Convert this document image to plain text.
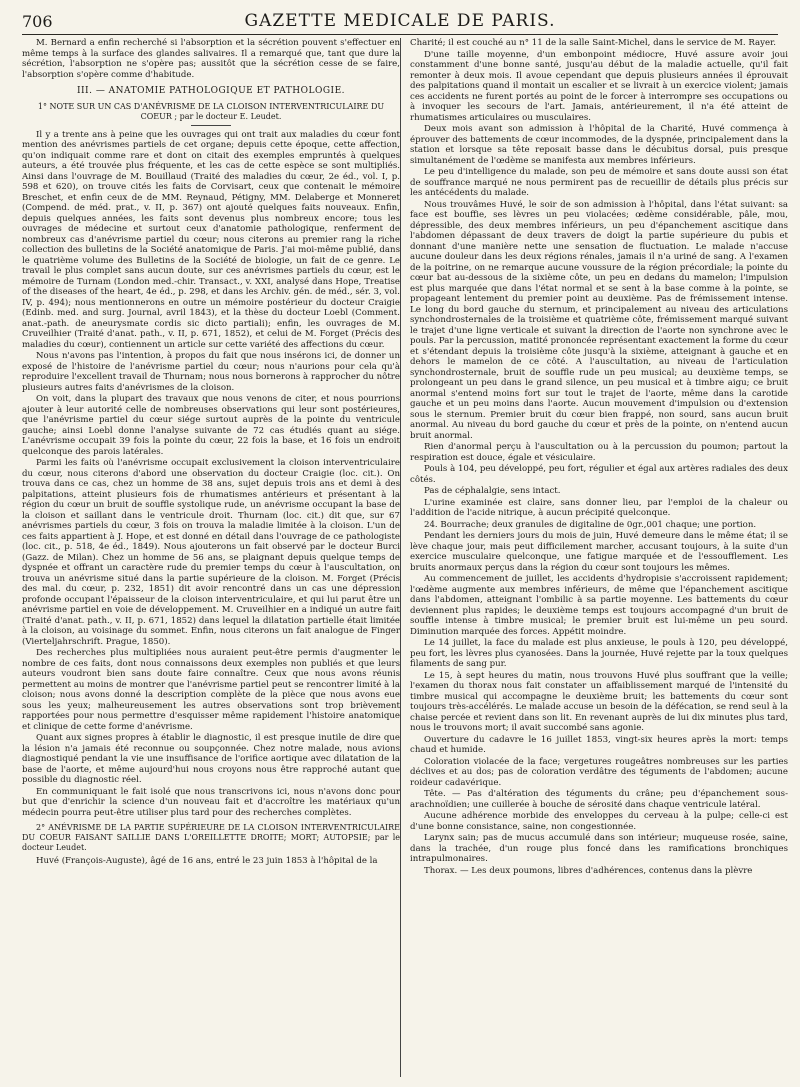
706	GAZETTE MEDICALE DE PARIS.

M. Bernard a enfin recherché si l'absorption et la sécrétion pouvent s'effectuer en même temps à la surface des glandes salivaires. Il a remarqué que, tant que dure la sécrétion, l'absorption ne s'opère pas; aussitôt que la sécrétion cesse de se faire, l'absorption s'opère comme d'habitude.

III. — ANATOMIE PATHOLOGIQUE ET PATHOLOGIE.
1° NOTE SUR UN CAS D'ANÉVRISME DE LA CLOISON INTERVENTRICULAIRE DU COEUR ; par le docteur E. Leudet.

Il y a trente ans à peine que les ouvrages qui ont trait aux maladies du cœur font mention des anévrismes partiels de cet organe; depuis cette époque, cette affection, qu'on indiquait comme rare et dont on citait des exemples empruntés à quelques auteurs, a été trouvée plus fréquente, et les cas de cette espèce se sont multipliés. Ainsi dans l'ouvrage de M. Bouillaud (Traité des maladies du cœur, 2e éd., vol. I, p. 598 et 620), on trouve cités les faits de Corvisart, ceux que contenait le mémoire Breschet, et enfin ceux de de MM. Reynaud, Pétigny, MM. Delaberge et Monneret (Compend. de méd. prat., v. II, p. 367) ont ajouté quelques faits nouveaux. Enfin, depuis quelques années, les faits sont devenus plus nombreux encore; tous les ouvrages de médecine et surtout ceux d'anatomie pathologique, renferment de nombreux cas d'anévrisme partiel du cœur; nous citerons au premier rang la riche collection des bulletins de la Société anatomique de Paris. J'ai moi-même publié, dans le quatrième volume des Bulletins de la Société de biologie, un fait de ce genre. Le travail le plus complet sans aucun doute, sur ces anévrismes partiels du cœur, est le mémoire de Turnam (London med.-chir. Transact., v. XXI, analysé dans Hope, Treatise of the diseases of the heart, 4e éd., p. 298, et dans les Archiv. gén. de méd., sér. 3, vol. IV, p. 494); nous mentionnerons en outre un mémoire postérieur du docteur Craigie (Edinb. med. and surg. Journal, avril 1843), et la thèse du docteur Loebl (Comment. anat.-path. de aneurysmate cordis sic dicto partiali); enfin, les ouvrages de M. Cruveilhier (Traité d'anat. path., v. II, p. 671, 1852), et celui de M. Forget (Précis des maladies du cœur), contiennent un article sur cette variété des affections du cœur.

Nous n'avons pas l'intention, à propos du fait que nous insérons ici, de donner un exposé de l'histoire de l'anévrisme partiel du cœur; nous n'aurions pour cela qu'à reproduire l'excellent travail de Thurnam; nous nous bornerons à rapprocher du nôtre plusieurs autres faits d'anévrismes de la cloison.

On voit, dans la plupart des travaux que nous venons de citer, et nous pourrions ajouter à leur autorité celle de nombreuses observations qui leur sont postérieures, que l'anévrisme partiel du cœur siége surtout auprès de la pointe du ventricule gauche; ainsi Loebl donne l'analyse suivante de 72 cas étudiés quant au siége. L'anévrisme occupait 39 fois la pointe du cœur, 22 fois la base, et 16 fois un endroit quelconque des parois latérales.

Parmi les faits où l'anévrisme occupait exclusivement la cloison interventriculaire du cœur, nous citerons d'abord une observation du docteur Craigie (loc. cit.). On trouva dans ce cas, chez un homme de 38 ans, sujet depuis trois ans et demi à des palpitations, atteint plusieurs fois de rhumatismes antérieurs et présentant à la région du cœur un bruit de souffle systolique rude, un anévrisme occupant la base de la cloison et saillant dans le ventricule droit. Thurnam (loc. cit.) dit que, sur 67 anévrismes partiels du cœur, 3 fois on trouva la maladie limitée à la cloison. L'un de ces faits appartient à J. Hope, et est donné en détail dans l'ouvrage de ce pathologiste (loc. cit., p. 518, 4e éd., 1849). Nous ajouterons un fait observé par le docteur Burci (Gazz. de Milan). Chez un homme de 56 ans, se plaignant depuis quelque temps de dyspnée et offrant un caractère rude du premier temps du cœur à l'auscultation, on trouva un anévrisme situé dans la partie supérieure de la cloison. M. Forget (Précis des mal. du cœur, p. 232, 1851) dit avoir rencontré dans un cas une dépression profonde occupant l'épaisseur de la cloison interventriculaire, et qui lui parut être un anévrisme partiel en voie de développement. M. Cruveilhier en a indiqué un autre fait (Traité d'anat. path., v. II, p. 671, 1852) dans lequel la dilatation partielle était limitée à la cloison, au voisinage du sommet. Enfin, nous citerons un fait analogue de Finger (Vierteljahrschrift. Prague, 1850).

Des recherches plus multipliées nous auraient peut-être permis d'augmenter le nombre de ces faits, dont nous connaissons deux exemples non publiés et que leurs auteurs voudront bien sans doute faire connaître. Ceux que nous avons réunis permettent au moins de montrer que l'anévrisme partiel peut se rencontrer limité à la cloison; nous avons donné la description complète de la pièce que nous avons eue sous les yeux; malheureusement les autres observations sont trop brièvement rapportées pour nous permettre d'esquisser même rapidement l'histoire anatomique et clinique de cette forme d'anévrisme.

Quant aux signes propres à établir le diagnostic, il est presque inutile de dire que la lésion n'a jamais été reconnue ou soupçonnée. Chez notre malade, nous avions diagnostiqué pendant la vie une insuffisance de l'orifice aortique avec dilatation de la base de l'aorte, et même aujourd'hui nous croyons nous être rapproché autant que possible du diagnostic réel.

En communiquant le fait isolé que nous transcrivons ici, nous n'avons donc pour but que d'enrichir la science d'un nouveau fait et d'accroître les matériaux qu'un médecin pourra peut-être utiliser plus tard pour des recherches complètes.

2° ANÉVRISME DE LA PARTIE SUPÉRIEURE DE LA CLOISON INTERVENTRICULAIRE DU COEUR FAISANT SAILLIE DANS L'OREILLETTE DROITE; MORT; AUTOPSIE; par le docteur Leudet.

Huvé (François-Auguste), âgé de 16 ans, entré le 23 juin 1853 à l'hôpital de la

Charité; il est couché au n° 11 de la salle Saint-Michel, dans le service de M. Rayer.

D'une taille moyenne, d'un embonpoint médiocre, Huvé assure avoir joui constamment d'une bonne santé, jusqu'au début de la maladie actuelle, qu'il fait remonter à deux mois. Il avoue cependant que depuis plusieurs années il éprouvait des palpitations quand il montait un escalier et se livrait à un exercice violent; jamais ces accidents ne furent portés au point de le forcer à interrompre ses occupations ou à invoquer les secours de l'art. Jamais, antérieurement, il n'a été atteint de rhumatismes articulaires ou musculaires.

Deux mois avant son admission à l'hôpital de la Charité, Huvé commença à éprouver des battements de cœur incommodes, de la dyspnée, principalement dans la station et lorsque sa tête reposait basse dans le décubitus dorsal, puis presque simultanément de l'œdème se manifesta aux membres inférieurs.

Le peu d'intelligence du malade, son peu de mémoire et sans doute aussi son état de souffrance marqué ne nous permirent pas de recueillir de détails plus précis sur les antécédents du malade.

Nous trouvâmes Huvé, le soir de son admission à l'hôpital, dans l'état suivant: sa face est bouffie, ses lèvres un peu violacées; œdème considérable, pâle, mou, dépressible, des deux membres inférieurs, un peu d'épanchement ascitique dans l'abdomen dépassant de deux travers de doigt la partie supérieure du pubis et donnant d'une manière nette une sensation de fluctuation. Le malade n'accuse aucune douleur dans les deux régions rénales, jamais il n'a uriné de sang. A l'examen de la poitrine, on ne remarque aucune voussure de la région précordiale; la pointe du cœur bat au-dessous de la sixième côte, un peu en dedans du mamelon; l'impulsion est plus marquée que dans l'état normal et se sent à la base comme à la pointe, se propageant lentement du premier point au deuxième. Pas de frémissement intense. Le long du bord gauche du sternum, et principalement au niveau des articulations synchondrosternales de la troisième et quatrième côte, frémissement marqué suivant le trajet d'une ligne verticale et suivant la direction de l'aorte non synchrone avec le pouls. Par la percussion, matité prononcée représentant exactement la forme du cœur et s'étendant depuis la troisième côte jusqu'à la sixième, atteignant à gauche et en dehors le mamelon de ce côté. A l'auscultation, au niveau de l'articulation synchondrosternale, bruit de souffle rude un peu musical; au deuxième temps, se prolongeant un peu dans le grand silence, un peu musical et à timbre aigu; ce bruit anormal s'entend moins fort sur tout le trajet de l'aorte, même dans la carotide gauche et un peu moins dans l'aorte. Aucun mouvement d'impulsion ou d'extension sous le sternum. Premier bruit du cœur bien frappé, non sourd, sans aucun bruit anormal. Au niveau du bord gauche du cœur et près de la pointe, on n'entend aucun bruit anormal.

Rien d'anormal perçu à l'auscultation ou à la percussion du poumon; partout la respiration est douce, égale et vésiculaire.

Pouls à 104, peu développé, peu fort, régulier et égal aux artères radiales des deux côtés.

Pas de céphalalgie, sens intact.

L'urine examinée est claire, sans donner lieu, par l'emploi de la chaleur ou l'addition de l'acide nitrique, à aucun précipité quelconque.

24. Bourrache; deux granules de digitaline de 0gr.,001 chaque; une portion.

Pendant les derniers jours du mois de juin, Huvé demeure dans le même état; il se lève chaque jour, mais peut difficilement marcher, accusant toujours, à la suite d'un exercice musculaire quelconque, une fatigue marquée et de l'essoufflement. Les bruits anormaux perçus dans la région du cœur sont toujours les mêmes.

Au commencement de juillet, les accidents d'hydropisie s'accroissent rapidement; l'œdème augmente aux membres inférieurs, de même que l'épanchement ascitique dans l'abdomen, atteignant l'ombilic à sa partie moyenne. Les battements du cœur deviennent plus rapides; le deuxième temps est toujours accompagné d'un bruit de souffle intense à timbre musical; le premier bruit est lui-même un peu sourd. Diminution marquée des forces. Appétit moindre.

Le 14 juillet, la face du malade est plus anxieuse, le pouls à 120, peu développé, peu fort, les lèvres plus cyanosées. Dans la journée, Huvé rejette par la toux quelques filaments de sang pur.

Le 15, à sept heures du matin, nous trouvons Huvé plus souffrant que la veille; l'examen du thorax nous fait constater un affaiblissement marqué de l'intensité du timbre musical qui accompagne le deuxième bruit; les battements du cœur sont toujours très-accélérés. Le malade accuse un besoin de la défécation, se rend seul à la chaise percée et revient dans son lit. En revenant auprès de lui dix minutes plus tard, nous le trouvons mort; il avait succombé sans agonie.

Ouverture du cadavre le 16 juillet 1853, vingt-six heures après la mort: temps chaud et humide.

Coloration violacée de la face; vergetures rougeâtres nombreuses sur les parties déclives et au dos; pas de coloration verdâtre des téguments de l'abdomen; aucune roideur cadavérique.

Tête. — Pas d'altération des téguments du crâne; peu d'épanchement sous-arachnoïdien; une cuillerée à bouche de sérosité dans chaque ventricule latéral.

Aucune adhérence morbide des enveloppes du cerveau à la pulpe; celle-ci est d'une bonne consistance, saine, non congestionnée.

Larynx sain; pas de mucus accumulé dans son intérieur; muqueuse rosée, saine, dans la trachée, d'un rouge plus foncé dans les ramifications bronchiques intrapulmonaires.

Thorax. — Les deux poumons, libres d'adhérences, contenus dans la plèvre
